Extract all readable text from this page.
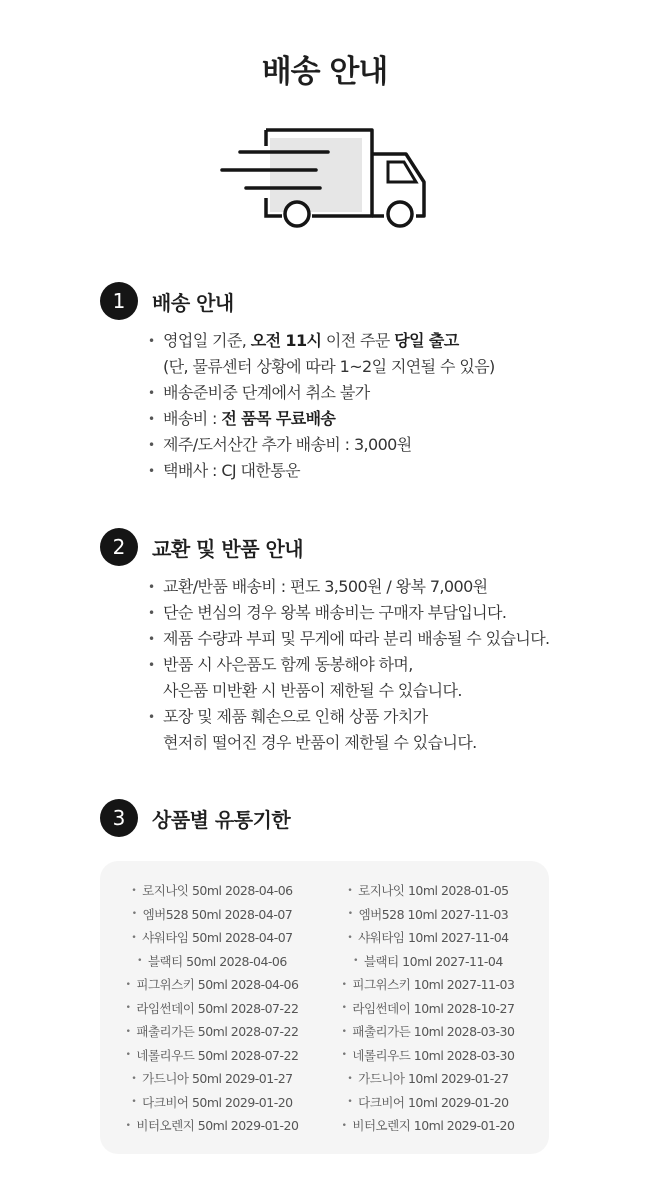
배송 안내
1	배송 안내
• 영업일 기준, 오전 11시 이전 주문 당일 출고
(단, 물류센터 상황에 따라 1~2일 지연될 수 있음)
• 배송준비중 단계에서 취소 불가
• 배송비 : 전 품목 무료배송
• 제주/도서산간 추가 배송비 : 3,000원
• 택배사 : CJ 대한통운
2	교환 및 반품 안내
• 교환/반품 배송비 : 편도 3,500원 / 왕복 7,000원
• 단순 변심의 경우 왕복 배송비는 구매자 부담입니다.
• 제품 수량과 부피 및 무게에 따라 분리 배송될 수 있습니다.
• 반품 시 사은품도 함께 동봉해야 하며,
사은품 미반환 시 반품이 제한될 수 있습니다.
• 포장 및 제품 훼손으로 인해 상품 가치가
현저히 떨어진 경우 반품이 제한될 수 있습니다.
3	상품별 유통기한
• 로지나잇 50ml 2028-04-06
• 엠버528 50ml 2028-04-07
• 샤워타임 50ml 2028-04-07
• 블랙티 50ml 2028-04-06
• 피그위스키 50ml 2028-04-06
• 라임썬데이 50ml 2028-07-22
• 패출리가든 50ml 2028-07-22
• 네롤리우드 50ml 2028-07-22
• 가드니아 50ml 2029-01-27
• 다크비어 50ml 2029-01-20
• 비터오렌지 50ml 2029-01-20
• 로지나잇 10ml 2028-01-05
• 엠버528 10ml 2027-11-03
• 샤워타임 10ml 2027-11-04
• 블랙티 10ml 2027-11-04
• 피그위스키 10ml 2027-11-03
• 라임썬데이 10ml 2028-10-27
• 패출리가든 10ml 2028-03-30
• 네롤리우드 10ml 2028-03-30
• 가드니아 10ml 2029-01-27
• 다크비어 10ml 2029-01-20
• 비터오렌지 10ml 2029-01-20
